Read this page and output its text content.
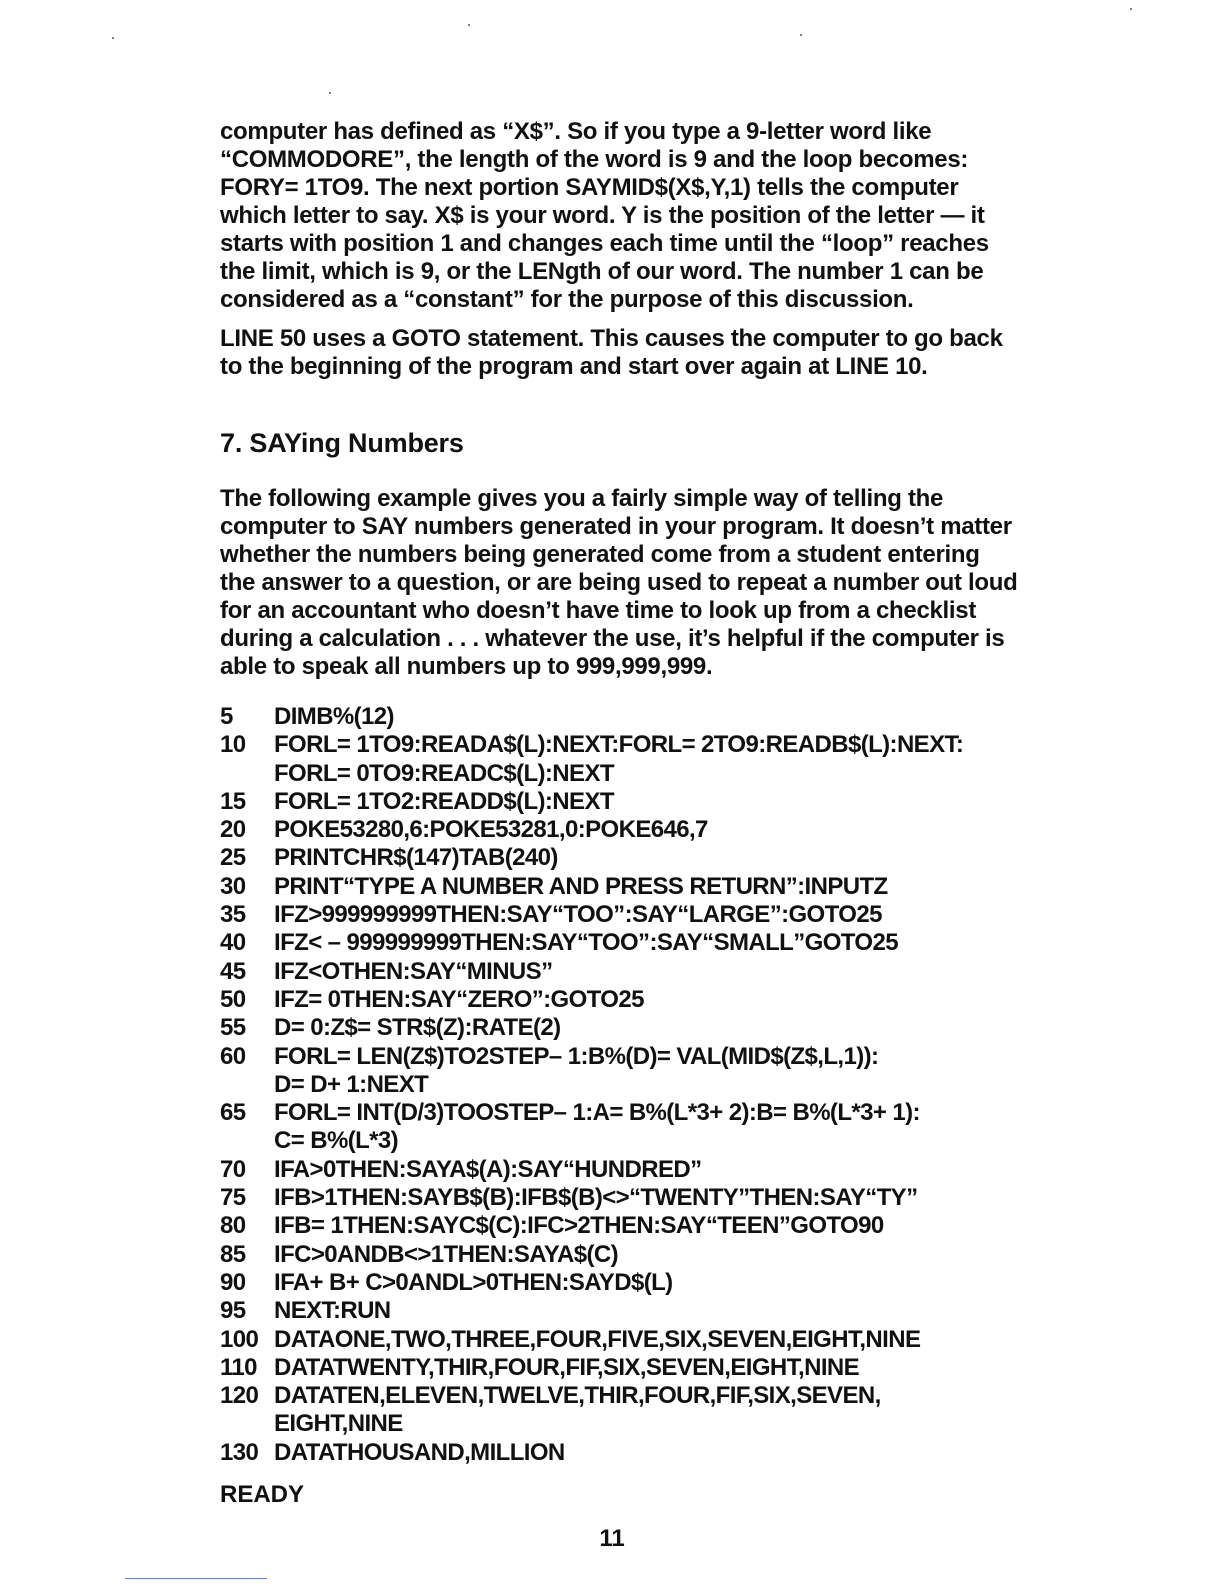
computer has defined as “X$”. So if you type a 9-letter word like
“COMMODORE”, the length of the word is 9 and the loop becomes:
FORY= 1TO9. The next portion SAYMID$(X$,Y,1) tells the computer
which letter to say. X$ is your word. Y is the position of the letter — it
starts with position 1 and changes each time until the “loop” reaches
the limit, which is 9, or the LENgth of our word. The number 1 can be
considered as a “constant” for the purpose of this discussion.
LINE 50 uses a GOTO statement. This causes the computer to go back
to the beginning of the program and start over again at LINE 10.
7. SAYing Numbers
The following example gives you a fairly simple way of telling the
computer to SAY numbers generated in your program. It doesn’t matter
whether the numbers being generated come from a student entering
the answer to a question, or are being used to repeat a number out loud
for an accountant who doesn’t have time to look up from a checklist
during a calculation . . . whatever the use, it’s helpful if the computer is
able to speak all numbers up to 999,999,999.
5	DIMB%(12)
10	FORL= 1TO9:READA$(L):NEXT:FORL= 2TO9:READB$(L):NEXT:
FORL= 0TO9:READC$(L):NEXT
15	FORL= 1TO2:READD$(L):NEXT
20	POKE53280,6:POKE53281,0:POKE646,7
25	PRINTCHR$(147)TAB(240)
30	PRINT“TYPE A NUMBER AND PRESS RETURN”:INPUTZ
35	IFZ>999999999THEN:SAY“TOO”:SAY“LARGE”:GOTO25
40	IFZ< – 999999999THEN:SAY“TOO”:SAY“SMALL”GOTO25
45	IFZ<OTHEN:SAY“MINUS”
50	IFZ= 0THEN:SAY“ZERO”:GOTO25
55	D= 0:Z$= STR$(Z):RATE(2)
60	FORL= LEN(Z$)TO2STEP– 1:B%(D)= VAL(MID$(Z$,L,1)):
D= D+ 1:NEXT
65	FORL= INT(D/3)TOOSTEP– 1:A= B%(L*3+ 2):B= B%(L*3+ 1):
C= B%(L*3)
70	IFA>0THEN:SAYA$(A):SAY“HUNDRED”
75	IFB>1THEN:SAYB$(B):IFB$(B)<>“TWENTY”THEN:SAY“TY”
80	IFB= 1THEN:SAYC$(C):IFC>2THEN:SAY“TEEN”GOTO90
85	IFC>0ANDB<>1THEN:SAYA$(C)
90	IFA+ B+ C>0ANDL>0THEN:SAYD$(L)
95	NEXT:RUN
100 DATAONE,TWO,THREE,FOUR,FIVE,SIX,SEVEN,EIGHT,NINE
110 DATATWENTY,THIR,FOUR,FIF,SIX,SEVEN,EIGHT,NINE
120 DATATEN,ELEVEN,TWELVE,THIR,FOUR,FIF,SIX,SEVEN,
EIGHT,NINE
130 DATATHOUSAND,MILLION
READY
11
